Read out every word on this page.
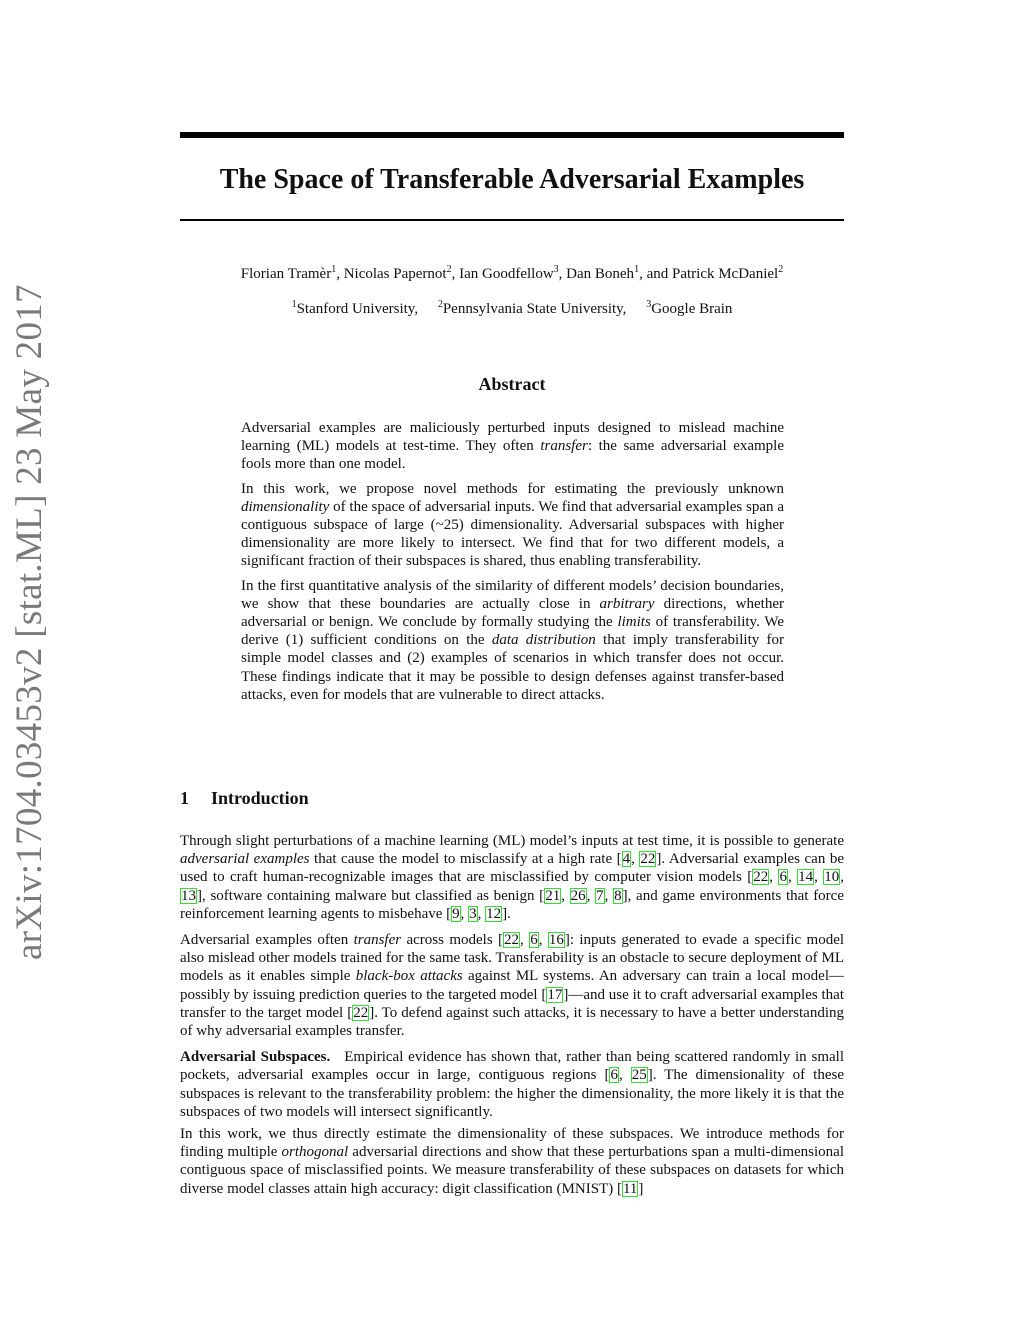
arXiv:1704.03453v2 [stat.ML] 23 May 2017
The Space of Transferable Adversarial Examples
Florian Tramèr$^1$, Nicolas Papernot$^2$, Ian Goodfellow$^3$, Dan Boneh$^1$, and Patrick McDaniel$^2$
$^1$Stanford University, $^2$Pennsylvania State University, $^3$Google Brain
Abstract

Adversarial examples are maliciously perturbed inputs designed to mislead machine learning (ML) models at test-time. They often transfer: the same adversarial example fools more than one model.

In this work, we propose novel methods for estimating the previously unknown dimensionality of the space of adversarial inputs. We find that adversarial examples span a contiguous subspace of large (~25) dimensionality. Adversarial subspaces with higher dimensionality are more likely to intersect. We find that for two different models, a significant fraction of their subspaces is shared, thus enabling transferability.

In the first quantitative analysis of the similarity of different models’ decision boundaries, we show that these boundaries are actually close in arbitrary directions, whether adversarial or benign. We conclude by formally studying the limits of transferability. We derive (1) sufficient conditions on the data distribution that imply transferability for simple model classes and (2) examples of scenarios in which transfer does not occur. These findings indicate that it may be possible to design defenses against transfer-based attacks, even for models that are vulnerable to direct attacks.

1 Introduction

Through slight perturbations of a machine learning (ML) model’s inputs at test time, it is possible to generate adversarial examples that cause the model to misclassify at a high rate [4, 22]. Adversarial examples can be used to craft human-recognizable images that are misclassified by computer vision models [22, 6, 14, 10, 13], software containing malware but classified as benign [21, 26, 7, 8], and game environments that force reinforcement learning agents to misbehave [9, 3, 12].

Adversarial examples often transfer across models [22, 6, 16]: inputs generated to evade a specific model also mislead other models trained for the same task. Transferability is an obstacle to secure deployment of ML models as it enables simple black-box attacks against ML systems. An adversary can train a local model—possibly by issuing prediction queries to the targeted model [17]—and use it to craft adversarial examples that transfer to the target model [22]. To defend against such attacks, it is necessary to have a better understanding of why adversarial examples transfer.

Adversarial Subspaces. Empirical evidence has shown that, rather than being scattered randomly in small pockets, adversarial examples occur in large, contiguous regions [6, 25]. The dimensionality of these subspaces is relevant to the transferability problem: the higher the dimensionality, the more likely it is that the subspaces of two models will intersect significantly.

In this work, we thus directly estimate the dimensionality of these subspaces. We introduce methods for finding multiple orthogonal adversarial directions and show that these perturbations span a multi-dimensional contiguous space of misclassified points. We measure transferability of these subspaces on datasets for which diverse model classes attain high accuracy: digit classification (MNIST) [11]
